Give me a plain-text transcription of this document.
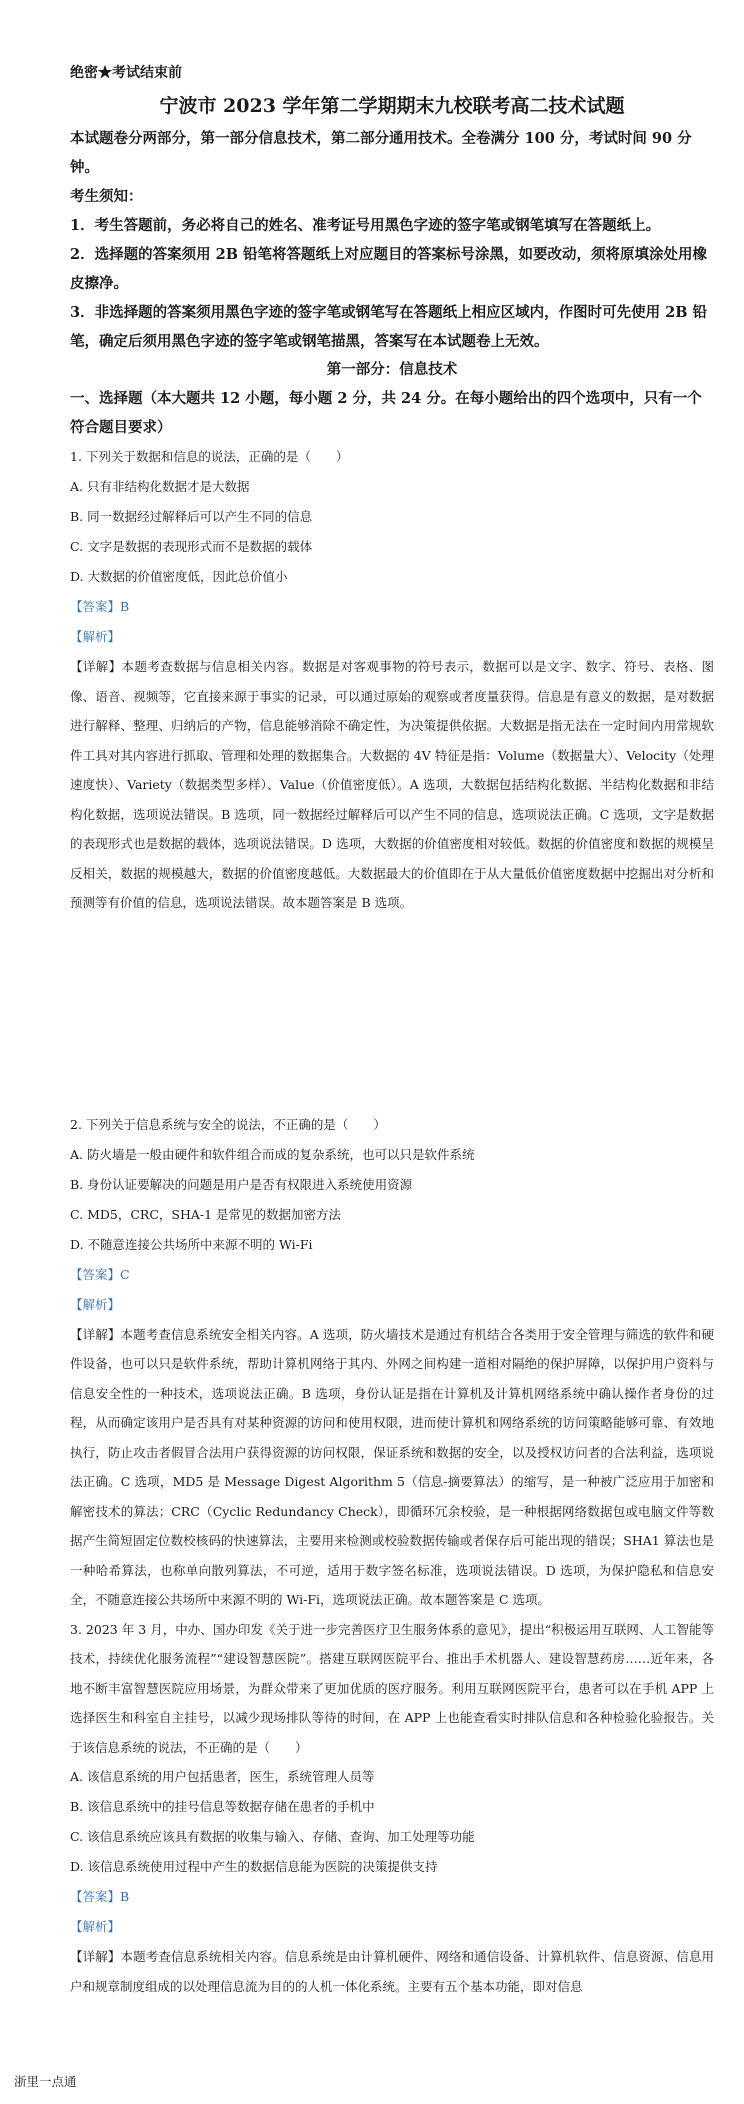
绝密★考试结束前
宁波市 2023 学年第二学期期末九校联考高二技术试题
本试题卷分两部分，第一部分信息技术，第二部分通用技术。全卷满分 100 分，考试时间 90 分钟。
考生须知：
1．考生答题前，务必将自己的姓名、准考证号用黑色字迹的签字笔或钢笔填写在答题纸上。
2．选择题的答案须用 2B 铅笔将答题纸上对应题目的答案标号涂黑，如要改动，须将原填涂处用橡皮擦净。
3．非选择题的答案须用黑色字迹的签字笔或钢笔写在答题纸上相应区域内，作图时可先使用 2B 铅笔，确定后须用黑色字迹的签字笔或钢笔描黑，答案写在本试题卷上无效。
第一部分：信息技术
一、选择题（本大题共 12 小题，每小题 2 分，共 24 分。在每小题给出的四个选项中，只有一个符合题目要求）
1. 下列关于数据和信息的说法，正确的是（　　）
A. 只有非结构化数据才是大数据
B. 同一数据经过解释后可以产生不同的信息
C. 文字是数据的表现形式而不是数据的载体
D. 大数据的价值密度低，因此总价值小
【答案】B
【解析】
【详解】本题考查数据与信息相关内容。数据是对客观事物的符号表示，数据可以是文字、数字、符号、表格、图像、语音、视频等，它直接来源于事实的记录，可以通过原始的观察或者度量获得。信息是有意义的数据，是对数据进行解释、整理、归纳后的产物，信息能够消除不确定性，为决策提供依据。大数据是指无法在一定时间内用常规软件工具对其内容进行抓取、管理和处理的数据集合。大数据的 4V 特征是指：Volume（数据量大）、Velocity（处理速度快）、Variety（数据类型多样）、Value（价值密度低）。A 选项，大数据包括结构化数据、半结构化数据和非结构化数据，选项说法错误。B 选项，同一数据经过解释后可以产生不同的信息，选项说法正确。C 选项，文字是数据的表现形式也是数据的载体，选项说法错误。D 选项，大数据的价值密度相对较低。数据的价值密度和数据的规模呈反相关，数据的规模越大，数据的价值密度越低。大数据最大的价值即在于从大量低价值密度数据中挖掘出对分析和预测等有价值的信息，选项说法错误。故本题答案是 B 选项。
2. 下列关于信息系统与安全的说法，不正确的是（　　）
A. 防火墙是一般由硬件和软件组合而成的复杂系统，也可以只是软件系统
B. 身份认证要解决的问题是用户是否有权限进入系统使用资源
C. MD5，CRC，SHA-1 是常见的数据加密方法
D. 不随意连接公共场所中来源不明的 Wi-Fi
【答案】C
【解析】
【详解】本题考查信息系统安全相关内容。A 选项，防火墙技术是通过有机结合各类用于安全管理与筛选的软件和硬件设备，也可以只是软件系统，帮助计算机网络于其内、外网之间构建一道相对隔绝的保护屏障，以保护用户资料与信息安全性的一种技术，选项说法正确。B 选项，身份认证是指在计算机及计算机网络系统中确认操作者身份的过程，从而确定该用户是否具有对某种资源的访问和使用权限，进而使计算机和网络系统的访问策略能够可靠、有效地执行，防止攻击者假冒合法用户获得资源的访问权限，保证系统和数据的安全，以及授权访问者的合法利益，选项说法正确。C 选项，MD5 是 Message Digest Algorithm 5（信息-摘要算法）的缩写，是一种被广泛应用于加密和解密技术的算法；CRC（Cyclic Redundancy Check），即循环冗余校验，是一种根据网络数据包或电脑文件等数据产生简短固定位数校核码的快速算法，主要用来检测或校验数据传输或者保存后可能出现的错误；SHA1 算法也是一种哈希算法，也称单向散列算法，不可逆，适用于数字签名标准，选项说法错误。D 选项，为保护隐私和信息安全，不随意连接公共场所中来源不明的 Wi-Fi，选项说法正确。故本题答案是 C 选项。
3. 2023 年 3 月，中办、国办印发《关于进一步完善医疗卫生服务体系的意见》，提出“积极运用互联网、人工智能等技术，持续优化服务流程”“建设智慧医院”。搭建互联网医院平台、推出手术机器人、建设智慧药房……近年来，各地不断丰富智慧医院应用场景，为群众带来了更加优质的医疗服务。利用互联网医院平台，患者可以在手机 APP 上选择医生和科室自主挂号，以减少现场排队等待的时间，在 APP 上也能查看实时排队信息和各种检验化验报告。关于该信息系统的说法，不正确的是（　　）
A. 该信息系统的用户包括患者，医生，系统管理人员等
B. 该信息系统中的挂号信息等数据存储在患者的手机中
C. 该信息系统应该具有数据的收集与输入、存储、查询、加工处理等功能
D. 该信息系统使用过程中产生的数据信息能为医院的决策提供支持
【答案】B
【解析】
【详解】本题考查信息系统相关内容。信息系统是由计算机硬件、网络和通信设备、计算机软件、信息资源、信息用户和规章制度组成的以处理信息流为目的的人机一体化系统。主要有五个基本功能，即对信息
浙里一点通
